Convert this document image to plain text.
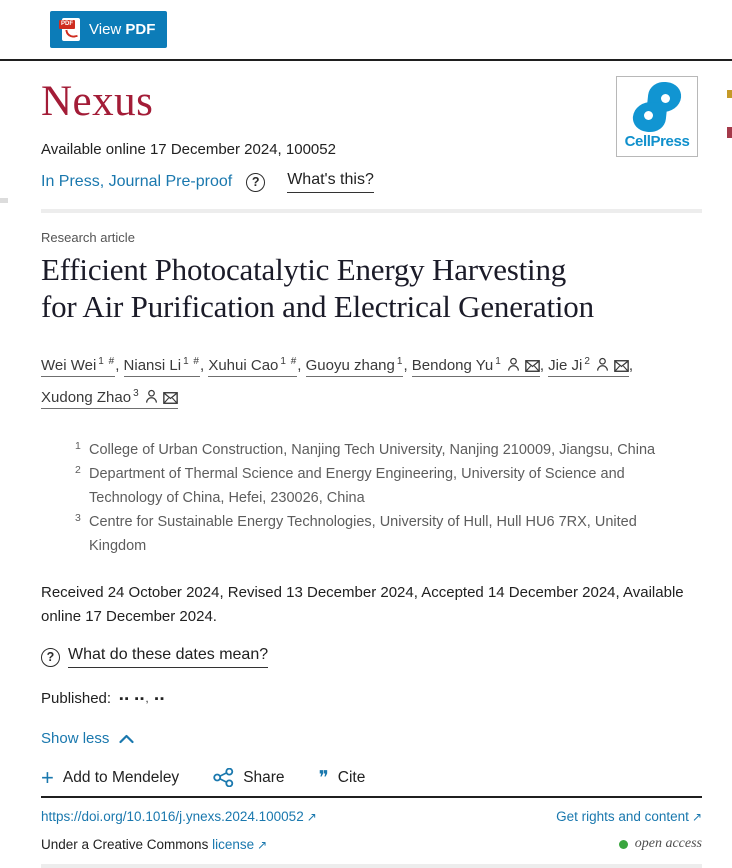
PDF View PDF
Nexus
CellPress
Available online 17 December 2024, 100052
In Press, Journal Pre-proof	?	What's this?
Research article
Efficient Photocatalytic Energy Harvesting
for Air Purification and Electrical Generation
Wei Wei $^{1 \#}$ , Niansi Li $^{1 \#}$ , Xuhui Cao $^{1 \#}$ , Guoyu zhang $^1$ , Bendong Yu $^1$ ,	Jie Ji $^2$ , Xudong Zhao $^3$
1 College of Urban Construction, Nanjing Tech University, Nanjing 210009, Jiangsu, China
2 Department of Thermal Science and Energy Engineering, University of Science and Technology of China, Hefei, 230026, China
3 Centre for Sustainable Energy Technologies, University of Hull, Hull HU6 7RX, United Kingdom
Received 24 October 2024, Revised 13 December 2024, Accepted 14 December 2024, Available online 17 December 2024.
? What do these dates mean?
Published: ▪▪ ▪▪, ▪▪
Show less
+ Add to Mendeley	Share ❞ Cite
https://doi.org/10.1016/j.ynexs.2024.100052 ↗	Get rights and content ↗
Under a Creative Commons license ↗	open access
